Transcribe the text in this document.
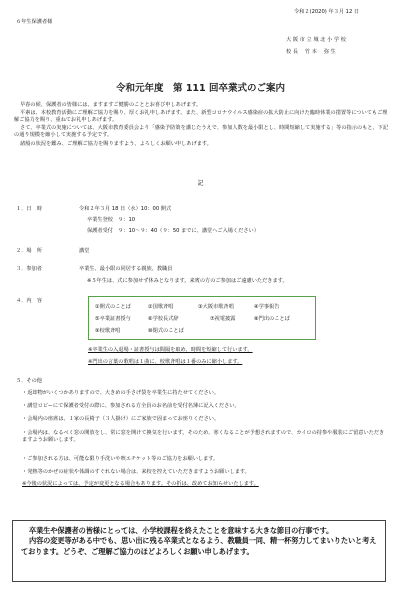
令和２(2020) 年３月 12 日
６年生保護者様
大 阪 市 立 城 北 小 学 校
校 長　 竹 本 　弥 生
令和元年度　第 111 回卒業式のご案内
早春の候、保護者の皆様には、ますますご健勝のこととお喜び申しあげます。
平素は、本校教育活動にご理解ご協力を賜り、厚くお礼申しあげます。また、新型コロナウイルス感染症の拡大防止に向けた臨時休業の措置等についてもご理解ご協力を賜り、重ねてお礼申しあげます。
さて、卒業式の実施については、大阪市教育委員会より「感染予防策を講じたうえで、参加人数を最小限とし、時間短縮して実施する」等の指示のもと、下記の通り規模を縮小して実施する予定です。
諸般の状況を鑑み、ご理解ご協力を賜りますよう、よろしくお願い申しあげます。
記
１．日　時	令和２年３月 18 日（水）10：00 開式
卒業生登校　９：10
保護者受付　９：10～９：40（９：50 までに、講堂へご入場ください）
２．場　所	講堂
３．参加者	卒業生、最小限の同居する親族、教職員
※５年生は、式に参加せず休みとなります。来賓の方のご参加はご遠慮いただきます。
４．内　容
①開式のことば	②国歌斉唱	③大阪市歌斉唱	④学事報告
⑤卒業証書授与	⑥学校長式辞	⑦祝電披露	⑧門出のことば
⑨校歌斉唱	⑩閉式のことば
※卒業生の入退場・証書授与は間隔を取め、時間を短縮して行います。
※門出の言葉の歌唱は１曲に、校歌斉唱は１番のみに縮小します。
５．その他
・返却物がいくつかありますので、大きめの手さげ袋を卒業生に持たせてください。
・講堂ロビーにて保護者受付の際に、参加される方全員のお名前を受付名簿に記入ください。
・会場内の座席は、１家の長椅子（３人掛け）にご家族で固まってお座りください。
・会場内は、なるべく窓の開放をし、常に窓を開けて換気を行います。そのため、寒くなることが予想されますので、カイロの持参や服装にご留意いただきますようお願いします。
・ご参加される方は、可能な限り手洗いや咳エチケット等のご協力をお願いします。
・発熱等のかぜの症状や体調のすぐれない場合は、来校を控えていただきますようお願いします。
※今後の状況によっては、予定が変更となる場合もあります。その折は、改めてお知らせいたします。

卒業生や保護者の皆様にとっては、小学校課程を終えたことを意味する大きな節目の行事です。

内容の変更等がある中でも、思い出に残る卒業式となるよう、教職員一同、精一杯努力してまいりたいと考えております。どうぞ、ご理解ご協力のほどよろしくお願い申しあげます。
